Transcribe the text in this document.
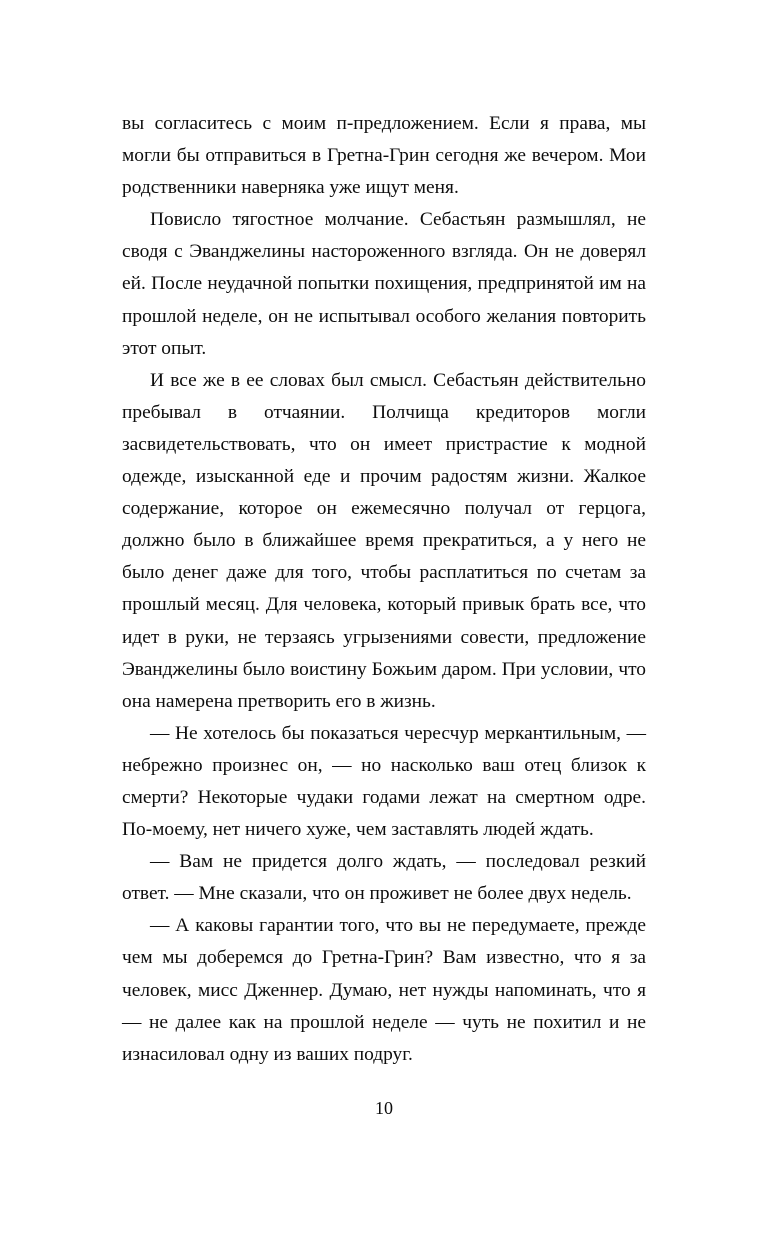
вы согласитесь с моим п-предложением. Если я права, мы могли бы отправиться в Гретна-Грин сегодня же вечером. Мои родственники наверняка уже ищут меня.

Повисло тягостное молчание. Себастьян размышлял, не сводя с Эванджелины настороженного взгляда. Он не доверял ей. После неудачной попытки похищения, предпринятой им на прошлой неделе, он не испытывал особого желания повторить этот опыт.

И все же в ее словах был смысл. Себастьян действительно пребывал в отчаянии. Полчища кредиторов могли засвидетельствовать, что он имеет пристрастие к модной одежде, изысканной еде и прочим радостям жизни. Жалкое содержание, которое он ежемесячно получал от герцога, должно было в ближайшее время прекратиться, а у него не было денег даже для того, чтобы расплатиться по счетам за прошлый месяц. Для человека, который привык брать все, что идет в руки, не терзаясь угрызениями совести, предложение Эванджелины было воистину Божьим даром. При условии, что она намерена претворить его в жизнь.

— Не хотелось бы показаться чересчур меркантильным, — небрежно произнес он, — но насколько ваш отец близок к смерти? Некоторые чудаки годами лежат на смертном одре. По-моему, нет ничего хуже, чем заставлять людей ждать.

— Вам не придется долго ждать, — последовал резкий ответ. — Мне сказали, что он проживет не более двух недель.

— А каковы гарантии того, что вы не передумаете, прежде чем мы доберемся до Гретна-Грин? Вам известно, что я за человек, мисс Дженнер. Думаю, нет нужды напоминать, что я — не далее как на прошлой неделе — чуть не похитил и не изнасиловал одну из ваших подруг.

10
